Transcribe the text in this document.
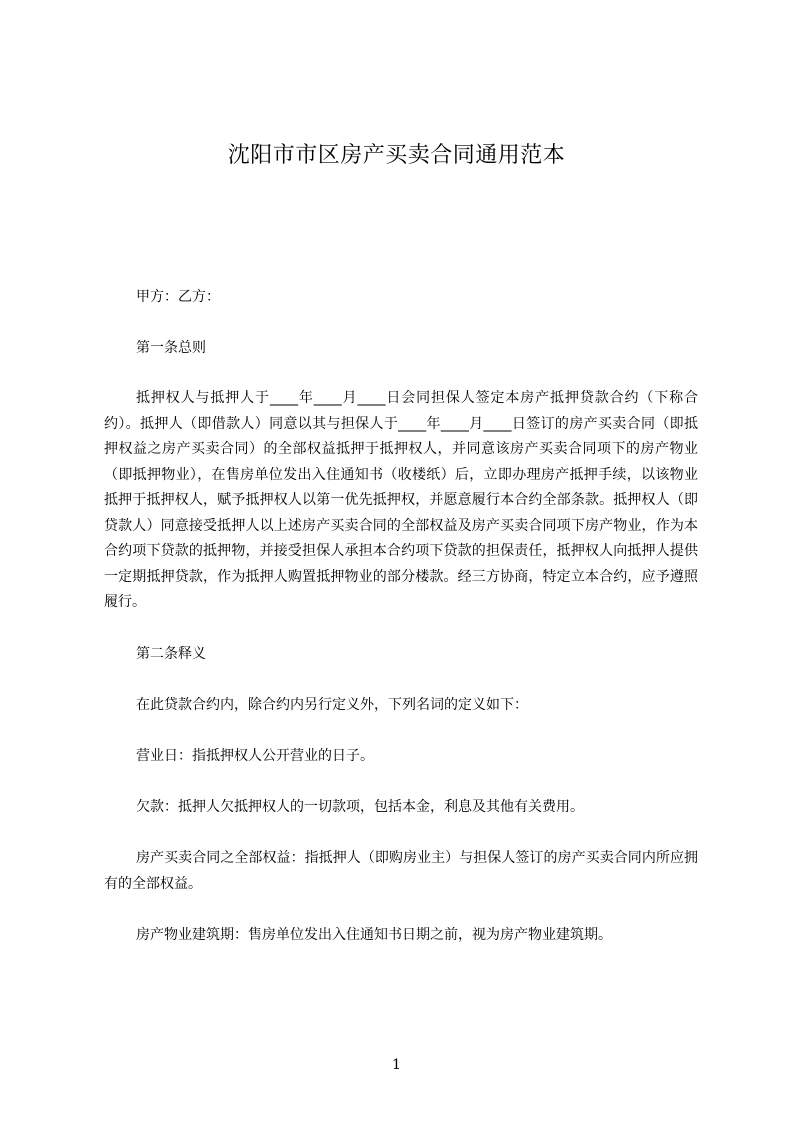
沈阳市市区房产买卖合同通用范本

甲方：乙方：

第一条总则

抵押权人与抵押人于____年____月____日会同担保人签定本房产抵押贷款合约（下称合约）。抵押人（即借款人）同意以其与担保人于____年____月____日签订的房产买卖合同（即抵押权益之房产买卖合同）的全部权益抵押于抵押权人，并同意该房产买卖合同项下的房产物业（即抵押物业），在售房单位发出入住通知书（收楼纸）后，立即办理房产抵押手续，以该物业抵押于抵押权人，赋予抵押权人以第一优先抵押权，并愿意履行本合约全部条款。抵押权人（即贷款人）同意接受抵押人以上述房产买卖合同的全部权益及房产买卖合同项下房产物业，作为本合约项下贷款的抵押物，并接受担保人承担本合约项下贷款的担保责任，抵押权人向抵押人提供一定期抵押贷款，作为抵押人购置抵押物业的部分楼款。经三方协商，特定立本合约，应予遵照履行。

第二条释义

在此贷款合约内，除合约内另行定义外，下列名词的定义如下：

营业日：指抵押权人公开营业的日子。

欠款：抵押人欠抵押权人的一切款项，包括本金，利息及其他有关费用。

房产买卖合同之全部权益：指抵押人（即购房业主）与担保人签订的房产买卖合同内所应拥有的全部权益。

房产物业建筑期：售房单位发出入住通知书日期之前，视为房产物业建筑期。

1
